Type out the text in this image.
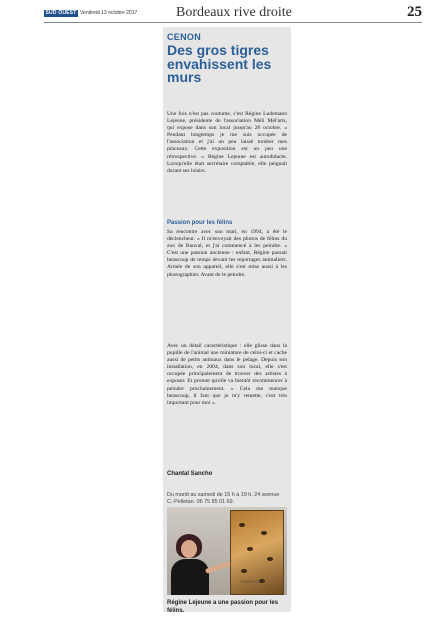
SUD OUEST Vendredi 13 octobre 2017	Bordeaux rive droite	25
CENON
Des gros tigres envahissent les murs

Une fois n'est pas coutume, c'est Régine Ludemann Lejeune, présidente de l'association Méli Mél'arts, qui expose dans son local jusqu'au 28 octobre. « Pendant longtemps je me suis occupée de l'association et j'ai un peu laissé tomber mes pinceaux. Cette exposition est un peu une rétrospective. » Régine Lejeune est autodidacte. Lorsqu'elle était secrétaire comptable, elle peignait durant ses loisirs.

Passion pour les félins

Sa rencontre avec son mari, en 1994, a été le déclencheur. « Il m'envoyait des photos de félins du zoo de Bauval, et j'ai commencé à les peindre. » C'est une passion ancienne : enfant, Régine passait beaucoup de temps devant les reportages animaliers. Armée de son appareil, elle s'est mise aussi à les photographier. Avant de le peindre.

Avec un détail caractéristique : elle glisse dans la pupille de l'animal une miniature de celui-ci et cache aussi de petits animaux dans le pelage. Depuis son installation, en 2004, dans son local, elle s'est occupée principalement de trouver des artistes à exposer. Et promet qu'elle va bientôt recommencer à peindre prochainement. « Cela me manque beaucoup, il faut que je m'y remette, c'est très important pour moi ».

Chantal Sancho
Du mardi au samedi de 15 h à 19 h. 24 avenue C.-Pelletan. 06 75 85 01 69.
Régine Lejeune a une passion pour les félins.
PHOTO C. S.
